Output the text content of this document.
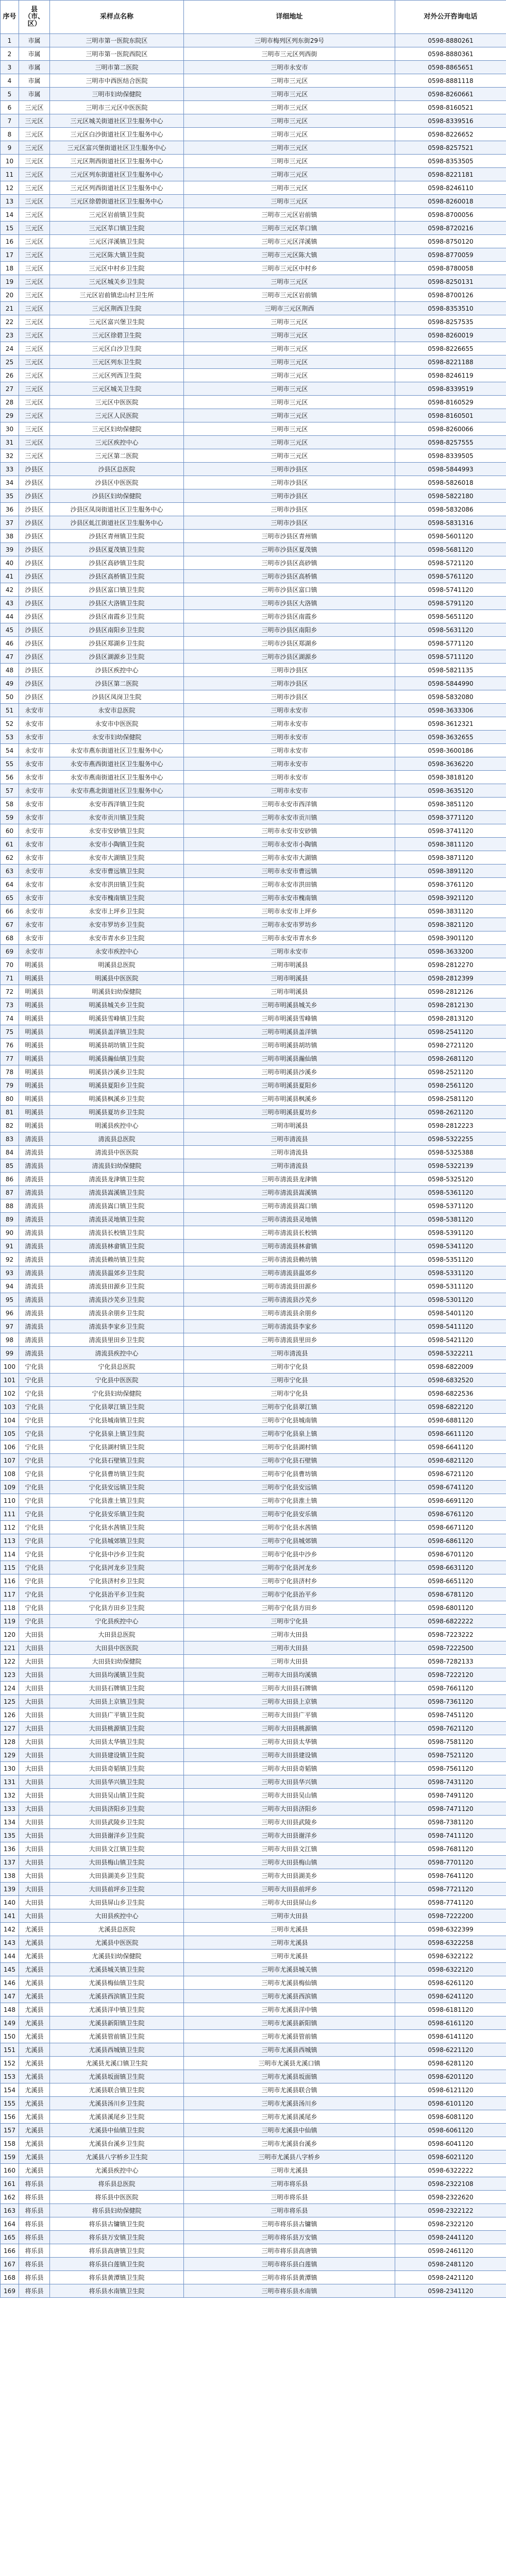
序号	县（市、区）	采样点名称	详细地址	对外公开咨询电话
1	市属	三明市第一医院东院区	三明市梅列区列东街29号	0598-8880261
2	市属	三明市第一医院西院区	三明市三元区列西街	0598-8880361
3	市属	三明市第二医院	三明市永安市	0598-8865651
4	市属	三明市中西医结合医院	三明市三元区	0598-8881118
5	市属	三明市妇幼保健院	三明市三元区	0598-8260661
6	三元区	三明市三元区中医医院	三明市三元区	0598-8160521
7	三元区	三元区城关街道社区卫生服务中心	三明市三元区	0598-8339516
8	三元区	三元区白沙街道社区卫生服务中心	三明市三元区	0598-8226652
9	三元区	三元区富兴堡街道社区卫生服务中心	三明市三元区	0598-8257521
10	三元区	三元区荆西街道社区卫生服务中心	三明市三元区	0598-8353505
11	三元区	三元区列东街道社区卫生服务中心	三明市三元区	0598-8221181
12	三元区	三元区列西街道社区卫生服务中心	三明市三元区	0598-8246110
13	三元区	三元区徐碧街道社区卫生服务中心	三明市三元区	0598-8260018
14	三元区	三元区岩前镇卫生院	三明市三元区岩前镇	0598-8700056
15	三元区	三元区莘口镇卫生院	三明市三元区莘口镇	0598-8720216
16	三元区	三元区洋溪镇卫生院	三明市三元区洋溪镇	0598-8750120
17	三元区	三元区陈大镇卫生院	三明市三元区陈大镇	0598-8770059
18	三元区	三元区中村乡卫生院	三明市三元区中村乡	0598-8780058
19	三元区	三元区城关乡卫生院	三明市三元区	0598-8250131
20	三元区	三元区岩前镇忠山村卫生所	三明市三元区岩前镇	0598-8700126
21	三元区	三元区荆西卫生院	三明市三元区荆西	0598-8353510
22	三元区	三元区富兴堡卫生院	三明市三元区	0598-8257535
23	三元区	三元区徐碧卫生院	三明市三元区	0598-8260019
24	三元区	三元区白沙卫生院	三明市三元区	0598-8226655
25	三元区	三元区列东卫生院	三明市三元区	0598-8221188
26	三元区	三元区列西卫生院	三明市三元区	0598-8246119
27	三元区	三元区城关卫生院	三明市三元区	0598-8339519
28	三元区	三元区中医医院	三明市三元区	0598-8160529
29	三元区	三元区人民医院	三明市三元区	0598-8160501
30	三元区	三元区妇幼保健院	三明市三元区	0598-8260066
31	三元区	三元区疾控中心	三明市三元区	0598-8257555
32	三元区	三元区第二医院	三明市三元区	0598-8339505
33	沙县区	沙县区总医院	三明市沙县区	0598-5844993
34	沙县区	沙县区中医医院	三明市沙县区	0598-5826018
35	沙县区	沙县区妇幼保健院	三明市沙县区	0598-5822180
36	沙县区	沙县区凤岗街道社区卫生服务中心	三明市沙县区	0598-5832086
37	沙县区	沙县区虬江街道社区卫生服务中心	三明市沙县区	0598-5831316
38	沙县区	沙县区青州镇卫生院	三明市沙县区青州镇	0598-5601120
39	沙县区	沙县区夏茂镇卫生院	三明市沙县区夏茂镇	0598-5681120
40	沙县区	沙县区高砂镇卫生院	三明市沙县区高砂镇	0598-5721120
41	沙县区	沙县区高桥镇卫生院	三明市沙县区高桥镇	0598-5761120
42	沙县区	沙县区富口镇卫生院	三明市沙县区富口镇	0598-5741120
43	沙县区	沙县区大洛镇卫生院	三明市沙县区大洛镇	0598-5791120
44	沙县区	沙县区南霞乡卫生院	三明市沙县区南霞乡	0598-5651120
45	沙县区	沙县区南阳乡卫生院	三明市沙县区南阳乡	0598-5631120
46	沙县区	沙县区郑湖乡卫生院	三明市沙县区郑湖乡	0598-5771120
47	沙县区	沙县区湖源乡卫生院	三明市沙县区湖源乡	0598-5711120
48	沙县区	沙县区疾控中心	三明市沙县区	0598-5821135
49	沙县区	沙县区第二医院	三明市沙县区	0598-5844990
50	沙县区	沙县区凤岗卫生院	三明市沙县区	0598-5832080
51	永安市	永安市总医院	三明市永安市	0598-3633306
52	永安市	永安市中医医院	三明市永安市	0598-3612321
53	永安市	永安市妇幼保健院	三明市永安市	0598-3632655
54	永安市	永安市燕东街道社区卫生服务中心	三明市永安市	0598-3600186
55	永安市	永安市燕西街道社区卫生服务中心	三明市永安市	0598-3636220
56	永安市	永安市燕南街道社区卫生服务中心	三明市永安市	0598-3818120
57	永安市	永安市燕北街道社区卫生服务中心	三明市永安市	0598-3635120
58	永安市	永安市西洋镇卫生院	三明市永安市西洋镇	0598-3851120
59	永安市	永安市贡川镇卫生院	三明市永安市贡川镇	0598-3771120
60	永安市	永安市安砂镇卫生院	三明市永安市安砂镇	0598-3741120
61	永安市	永安市小陶镇卫生院	三明市永安市小陶镇	0598-3811120
62	永安市	永安市大湖镇卫生院	三明市永安市大湖镇	0598-3871120
63	永安市	永安市曹远镇卫生院	三明市永安市曹远镇	0598-3891120
64	永安市	永安市洪田镇卫生院	三明市永安市洪田镇	0598-3761120
65	永安市	永安市槐南镇卫生院	三明市永安市槐南镇	0598-3921120
66	永安市	永安市上坪乡卫生院	三明市永安市上坪乡	0598-3831120
67	永安市	永安市罗坊乡卫生院	三明市永安市罗坊乡	0598-3821120
68	永安市	永安市青水乡卫生院	三明市永安市青水乡	0598-3901120
69	永安市	永安市疾控中心	三明市永安市	0598-3633200
70	明溪县	明溪县总医院	三明市明溪县	0598-2812270
71	明溪县	明溪县中医医院	三明市明溪县	0598-2812399
72	明溪县	明溪县妇幼保健院	三明市明溪县	0598-2812126
73	明溪县	明溪县城关乡卫生院	三明市明溪县城关乡	0598-2812130
74	明溪县	明溪县雪峰镇卫生院	三明市明溪县雪峰镇	0598-2813120
75	明溪县	明溪县盖洋镇卫生院	三明市明溪县盖洋镇	0598-2541120
76	明溪县	明溪县胡坊镇卫生院	三明市明溪县胡坊镇	0598-2721120
77	明溪县	明溪县瀚仙镇卫生院	三明市明溪县瀚仙镇	0598-2681120
78	明溪县	明溪县沙溪乡卫生院	三明市明溪县沙溪乡	0598-2521120
79	明溪县	明溪县夏阳乡卫生院	三明市明溪县夏阳乡	0598-2561120
80	明溪县	明溪县枫溪乡卫生院	三明市明溪县枫溪乡	0598-2581120
81	明溪县	明溪县夏坊乡卫生院	三明市明溪县夏坊乡	0598-2621120
82	明溪县	明溪县疾控中心	三明市明溪县	0598-2812223
83	清流县	清流县总医院	三明市清流县	0598-5322255
84	清流县	清流县中医医院	三明市清流县	0598-5325388
85	清流县	清流县妇幼保健院	三明市清流县	0598-5322139
86	清流县	清流县龙津镇卫生院	三明市清流县龙津镇	0598-5325120
87	清流县	清流县嵩溪镇卫生院	三明市清流县嵩溪镇	0598-5361120
88	清流县	清流县嵩口镇卫生院	三明市清流县嵩口镇	0598-5371120
89	清流县	清流县灵地镇卫生院	三明市清流县灵地镇	0598-5381120
90	清流县	清流县长校镇卫生院	三明市清流县长校镇	0598-5391120
91	清流县	清流县林畲镇卫生院	三明市清流县林畲镇	0598-5341120
92	清流县	清流县赖坊镇卫生院	三明市清流县赖坊镇	0598-5351120
93	清流县	清流县温郊乡卫生院	三明市清流县温郊乡	0598-5331120
94	清流县	清流县田源乡卫生院	三明市清流县田源乡	0598-5311120
95	清流县	清流县沙芜乡卫生院	三明市清流县沙芜乡	0598-5301120
96	清流县	清流县余朋乡卫生院	三明市清流县余朋乡	0598-5401120
97	清流县	清流县李家乡卫生院	三明市清流县李家乡	0598-5411120
98	清流县	清流县里田乡卫生院	三明市清流县里田乡	0598-5421120
99	清流县	清流县疾控中心	三明市清流县	0598-5322211
100	宁化县	宁化县总医院	三明市宁化县	0598-6822009
101	宁化县	宁化县中医医院	三明市宁化县	0598-6832520
102	宁化县	宁化县妇幼保健院	三明市宁化县	0598-6822536
103	宁化县	宁化县翠江镇卫生院	三明市宁化县翠江镇	0598-6822120
104	宁化县	宁化县城南镇卫生院	三明市宁化县城南镇	0598-6881120
105	宁化县	宁化县泉上镇卫生院	三明市宁化县泉上镇	0598-6611120
106	宁化县	宁化县湖村镇卫生院	三明市宁化县湖村镇	0598-6641120
107	宁化县	宁化县石壁镇卫生院	三明市宁化县石壁镇	0598-6821120
108	宁化县	宁化县曹坊镇卫生院	三明市宁化县曹坊镇	0598-6721120
109	宁化县	宁化县安远镇卫生院	三明市宁化县安远镇	0598-6741120
110	宁化县	宁化县淮土镇卫生院	三明市宁化县淮土镇	0598-6691120
111	宁化县	宁化县安乐镇卫生院	三明市宁化县安乐镇	0598-6761120
112	宁化县	宁化县水茜镇卫生院	三明市宁化县水茜镇	0598-6671120
113	宁化县	宁化县城郊镇卫生院	三明市宁化县城郊镇	0598-6861120
114	宁化县	宁化县中沙乡卫生院	三明市宁化县中沙乡	0598-6701120
115	宁化县	宁化县河龙乡卫生院	三明市宁化县河龙乡	0598-6631120
116	宁化县	宁化县济村乡卫生院	三明市宁化县济村乡	0598-6651120
117	宁化县	宁化县治平乡卫生院	三明市宁化县治平乡	0598-6781120
118	宁化县	宁化县方田乡卫生院	三明市宁化县方田乡	0598-6801120
119	宁化县	宁化县疾控中心	三明市宁化县	0598-6822222
120	大田县	大田县总医院	三明市大田县	0598-7223222
121	大田县	大田县中医医院	三明市大田县	0598-7222500
122	大田县	大田县妇幼保健院	三明市大田县	0598-7282133
123	大田县	大田县均溪镇卫生院	三明市大田县均溪镇	0598-7222120
124	大田县	大田县石牌镇卫生院	三明市大田县石牌镇	0598-7661120
125	大田县	大田县上京镇卫生院	三明市大田县上京镇	0598-7361120
126	大田县	大田县广平镇卫生院	三明市大田县广平镇	0598-7451120
127	大田县	大田县桃源镇卫生院	三明市大田县桃源镇	0598-7621120
128	大田县	大田县太华镇卫生院	三明市大田县太华镇	0598-7581120
129	大田县	大田县建设镇卫生院	三明市大田县建设镇	0598-7521120
130	大田县	大田县奇韬镇卫生院	三明市大田县奇韬镇	0598-7561120
131	大田县	大田县华兴镇卫生院	三明市大田县华兴镇	0598-7431120
132	大田县	大田县吴山镇卫生院	三明市大田县吴山镇	0598-7491120
133	大田县	大田县济阳乡卫生院	三明市大田县济阳乡	0598-7471120
134	大田县	大田县武陵乡卫生院	三明市大田县武陵乡	0598-7381120
135	大田县	大田县谢洋乡卫生院	三明市大田县谢洋乡	0598-7411120
136	大田县	大田县文江镇卫生院	三明市大田县文江镇	0598-7681120
137	大田县	大田县梅山镇卫生院	三明市大田县梅山镇	0598-7701120
138	大田县	大田县湖美乡卫生院	三明市大田县湖美乡	0598-7641120
139	大田县	大田县前坪乡卫生院	三明市大田县前坪乡	0598-7721120
140	大田县	大田县屏山乡卫生院	三明市大田县屏山乡	0598-7741120
141	大田县	大田县疾控中心	三明市大田县	0598-7222200
142	尤溪县	尤溪县总医院	三明市尤溪县	0598-6322399
143	尤溪县	尤溪县中医医院	三明市尤溪县	0598-6322258
144	尤溪县	尤溪县妇幼保健院	三明市尤溪县	0598-6322122
145	尤溪县	尤溪县城关镇卫生院	三明市尤溪县城关镇	0598-6322120
146	尤溪县	尤溪县梅仙镇卫生院	三明市尤溪县梅仙镇	0598-6261120
147	尤溪县	尤溪县西滨镇卫生院	三明市尤溪县西滨镇	0598-6241120
148	尤溪县	尤溪县洋中镇卫生院	三明市尤溪县洋中镇	0598-6181120
149	尤溪县	尤溪县新阳镇卫生院	三明市尤溪县新阳镇	0598-6161120
150	尤溪县	尤溪县管前镇卫生院	三明市尤溪县管前镇	0598-6141120
151	尤溪县	尤溪县西城镇卫生院	三明市尤溪县西城镇	0598-6221120
152	尤溪县	尤溪县尤溪口镇卫生院	三明市尤溪县尤溪口镇	0598-6281120
153	尤溪县	尤溪县坂面镇卫生院	三明市尤溪县坂面镇	0598-6201120
154	尤溪县	尤溪县联合镇卫生院	三明市尤溪县联合镇	0598-6121120
155	尤溪县	尤溪县汤川乡卫生院	三明市尤溪县汤川乡	0598-6101120
156	尤溪县	尤溪县溪尾乡卫生院	三明市尤溪县溪尾乡	0598-6081120
157	尤溪县	尤溪县中仙镇卫生院	三明市尤溪县中仙镇	0598-6061120
158	尤溪县	尤溪县台溪乡卫生院	三明市尤溪县台溪乡	0598-6041120
159	尤溪县	尤溪县八字桥乡卫生院	三明市尤溪县八字桥乡	0598-6021120
160	尤溪县	尤溪县疾控中心	三明市尤溪县	0598-6322222
161	将乐县	将乐县总医院	三明市将乐县	0598-2322108
162	将乐县	将乐县中医医院	三明市将乐县	0598-2322620
163	将乐县	将乐县妇幼保健院	三明市将乐县	0598-2322122
164	将乐县	将乐县古镛镇卫生院	三明市将乐县古镛镇	0598-2322120
165	将乐县	将乐县万安镇卫生院	三明市将乐县万安镇	0598-2441120
166	将乐县	将乐县高唐镇卫生院	三明市将乐县高唐镇	0598-2461120
167	将乐县	将乐县白莲镇卫生院	三明市将乐县白莲镇	0598-2481120
168	将乐县	将乐县黄潭镇卫生院	三明市将乐县黄潭镇	0598-2421120
169	将乐县	将乐县水南镇卫生院	三明市将乐县水南镇	0598-2341120
